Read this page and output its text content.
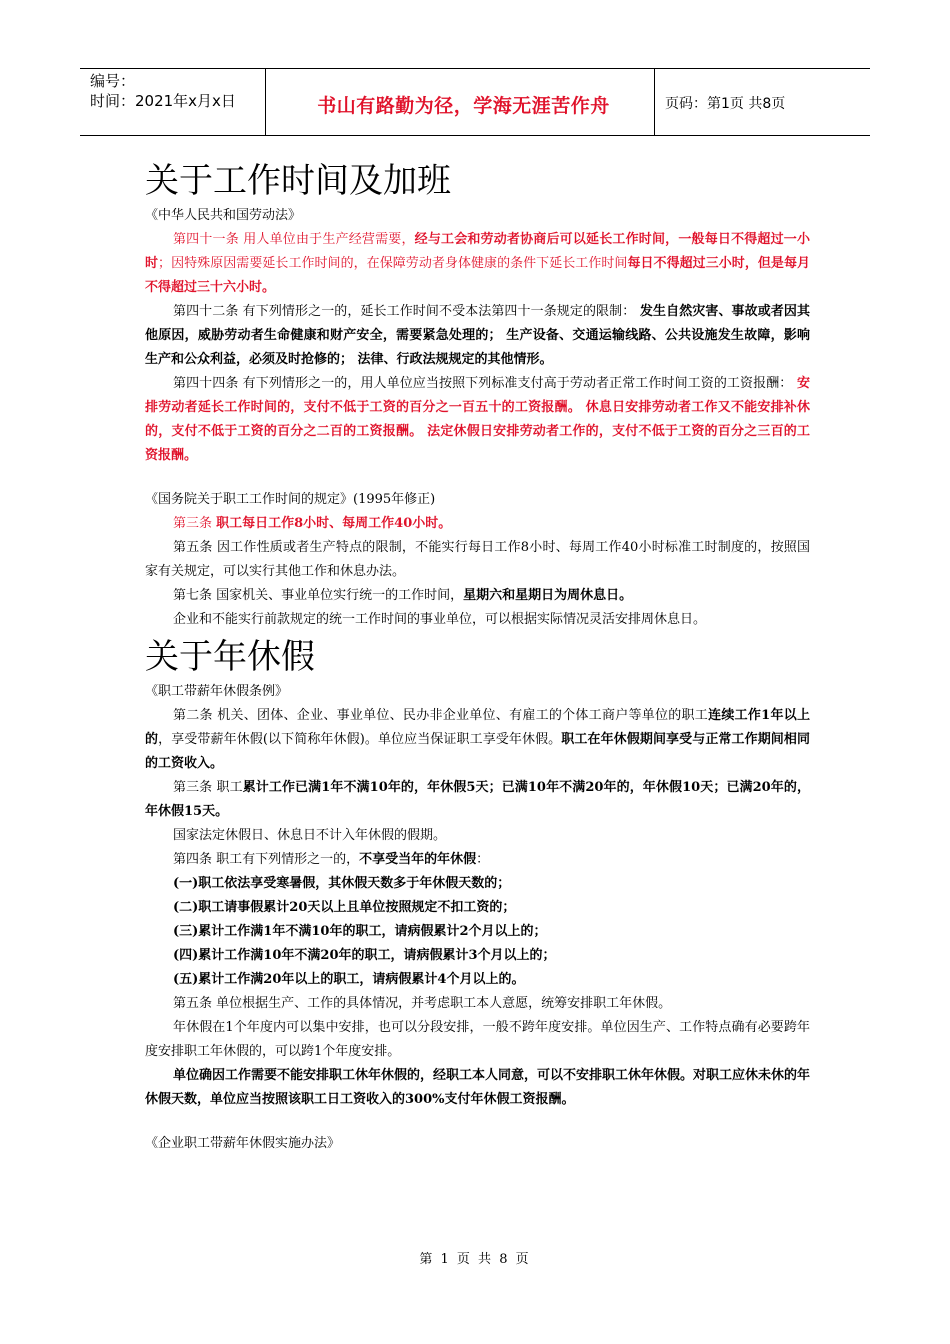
编号：
时间：2021年x月x日	书山有路勤为径，学海无涯苦作舟	页码：第1页 共8页
关于工作时间及加班

《中华人民共和国劳动法》

第四十一条 用人单位由于生产经营需要，经与工会和劳动者协商后可以延长工作时间，一般每日不得超过一小时；因特殊原因需要延长工作时间的，在保障劳动者身体健康的条件下延长工作时间每日不得超过三小时，但是每月不得超过三十六小时。

第四十二条 有下列情形之一的，延长工作时间不受本法第四十一条规定的限制： 发生自然灾害、事故或者因其他原因，威胁劳动者生命健康和财产安全，需要紧急处理的； 生产设备、交通运输线路、公共设施发生故障，影响生产和公众利益，必须及时抢修的； 法律、行政法规规定的其他情形。

第四十四条 有下列情形之一的，用人单位应当按照下列标准支付高于劳动者正常工作时间工资的工资报酬： 安排劳动者延长工作时间的，支付不低于工资的百分之一百五十的工资报酬。 休息日安排劳动者工作又不能安排补休的，支付不低于工资的百分之二百的工资报酬。 法定休假日安排劳动者工作的，支付不低于工资的百分之三百的工资报酬。

《国务院关于职工工作时间的规定》(1995年修正)

第三条 职工每日工作8小时、每周工作40小时。

第五条 因工作性质或者生产特点的限制，不能实行每日工作8小时、每周工作40小时标准工时制度的，按照国家有关规定，可以实行其他工作和休息办法。

第七条 国家机关、事业单位实行统一的工作时间，星期六和星期日为周休息日。

企业和不能实行前款规定的统一工作时间的事业单位，可以根据实际情况灵活安排周休息日。

关于年休假

《职工带薪年休假条例》

第二条 机关、团体、企业、事业单位、民办非企业单位、有雇工的个体工商户等单位的职工连续工作1年以上的，享受带薪年休假(以下简称年休假)。单位应当保证职工享受年休假。职工在年休假期间享受与正常工作期间相同的工资收入。

第三条 职工累计工作已满1年不满10年的，年休假5天；已满10年不满20年的，年休假10天；已满20年的，年休假15天。

国家法定休假日、休息日不计入年休假的假期。

第四条 职工有下列情形之一的，不享受当年的年休假：

(一)职工依法享受寒暑假，其休假天数多于年休假天数的；

(二)职工请事假累计20天以上且单位按照规定不扣工资的；

(三)累计工作满1年不满10年的职工，请病假累计2个月以上的；

(四)累计工作满10年不满20年的职工，请病假累计3个月以上的；

(五)累计工作满20年以上的职工，请病假累计4个月以上的。

第五条 单位根据生产、工作的具体情况，并考虑职工本人意愿，统筹安排职工年休假。

年休假在1个年度内可以集中安排，也可以分段安排，一般不跨年度安排。单位因生产、工作特点确有必要跨年度安排职工年休假的，可以跨1个年度安排。

单位确因工作需要不能安排职工休年休假的，经职工本人同意，可以不安排职工休年休假。对职工应休未休的年休假天数，单位应当按照该职工日工资收入的300%支付年休假工资报酬。

《企业职工带薪年休假实施办法》

第 1 页 共 8 页
